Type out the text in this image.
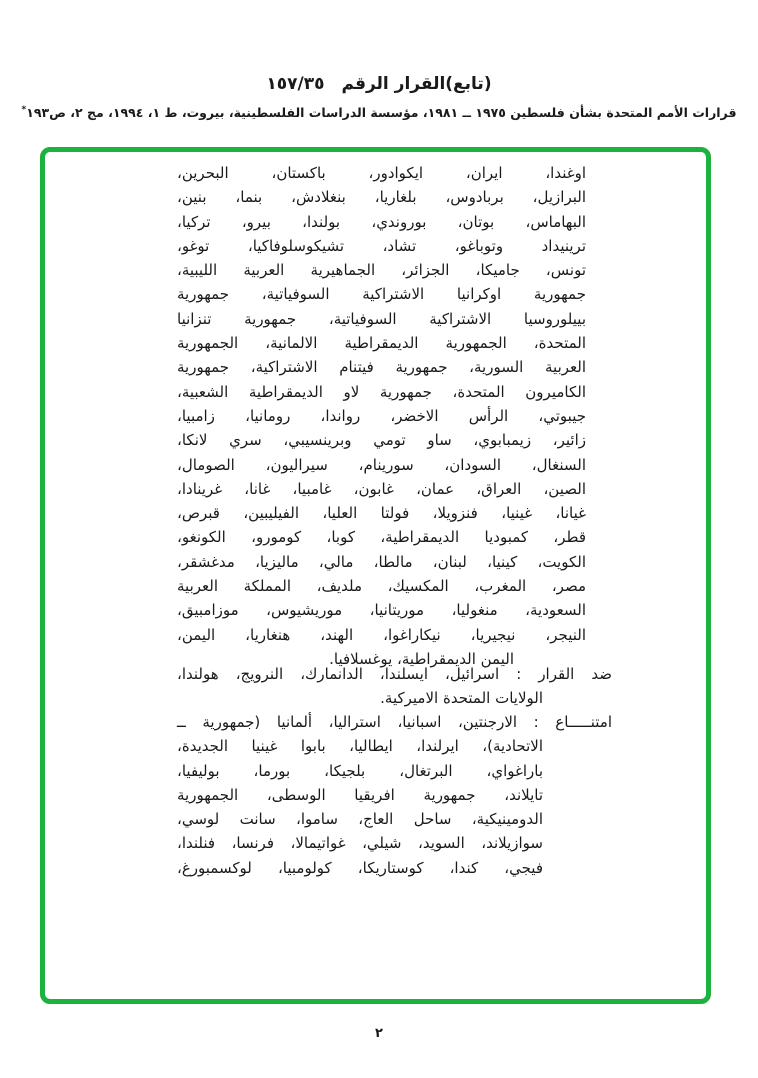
(تابع)القرار الرقم  ١٥٧/٣٥
قرارات الأمم المتحدة بشأن فلسطين ١٩٧٥ ــ ١٩٨١، مؤسسة الدراسات الفلسطينية، بيروت، ط ١، ١٩٩٤، مج ٢، ص١٩٣*
اوغندا، ايران، ايكوادور، باكستان، البحرين،
البرازيل، بربادوس، بلغاريا، بنغلادش، بنما، بنين،
البهاماس، بوتان، بوروندي، بولندا، بيرو، تركيا،
ترينيداد وتوباغو، تشاد، تشيكوسلوفاكيا، توغو،
تونس، جاميكا، الجزائر، الجماهيرية العربية الليبية،
جمهورية اوكرانيا الاشتراكية السوفياتية، جمهورية
بييلوروسيا الاشتراكية السوفياتية، جمهورية تنزانيا
المتحدة، الجمهورية الديمقراطية الالمانية، الجمهورية
العربية السورية، جمهورية فيتنام الاشتراكية، جمهورية
الكاميرون المتحدة، جمهورية لاو الديمقراطية الشعبية،
جيبوتي، الرأس الاخضر، رواندا، رومانيا، زامبيا،
زائير، زيمبابوي، ساو تومي وبرينسيبي، سري لانكا،
السنغال، السودان، سورينام، سيراليون، الصومال،
الصين، العراق، عمان، غابون، غامبيا، غانا، غرينادا،
غيانا، غينيا، فنزويلا، فولتا العليا، الفيليبين، قبرص،
قطر، كمبوديا الديمقراطية، كوبا، كومورو، الكونغو،
الكويت، كينيا، لبنان، مالطا، مالي، ماليزيا، مدغشقر،
مصر، المغرب، المكسيك، ملديف، المملكة العربية
السعودية، منغوليا، موريتانيا، موريشيوس، موزامبيق،
النيجر، نيجيريا، نيكاراغوا، الهند، هنغاريا، اليمن،
اليمن الديمقراطية، يوغسلافيا.
ضد القرار : اسرائيل، ايسلندا، الدانمارك، النرويج، هولندا،
الولايات المتحدة الاميركية.
امتنـــــاع : الارجنتين، اسبانيا، استراليا، ألمانيا (جمهورية ــ
الاتحادية)، ايرلندا، ايطاليا، بابوا غينيا الجديدة،
باراغواي، البرتغال، بلجيكا، بورما، بوليفيا،
تايلاند، جمهورية افريقيا الوسطى، الجمهورية
الدومينيكية، ساحل العاج، ساموا، سانت لوسي،
سوازيلاند، السويد، شيلي، غواتيمالا، فرنسا، فنلندا،
فيجي، كندا، كوستاريكا، كولومبيا، لوكسمبورغ،
٢
